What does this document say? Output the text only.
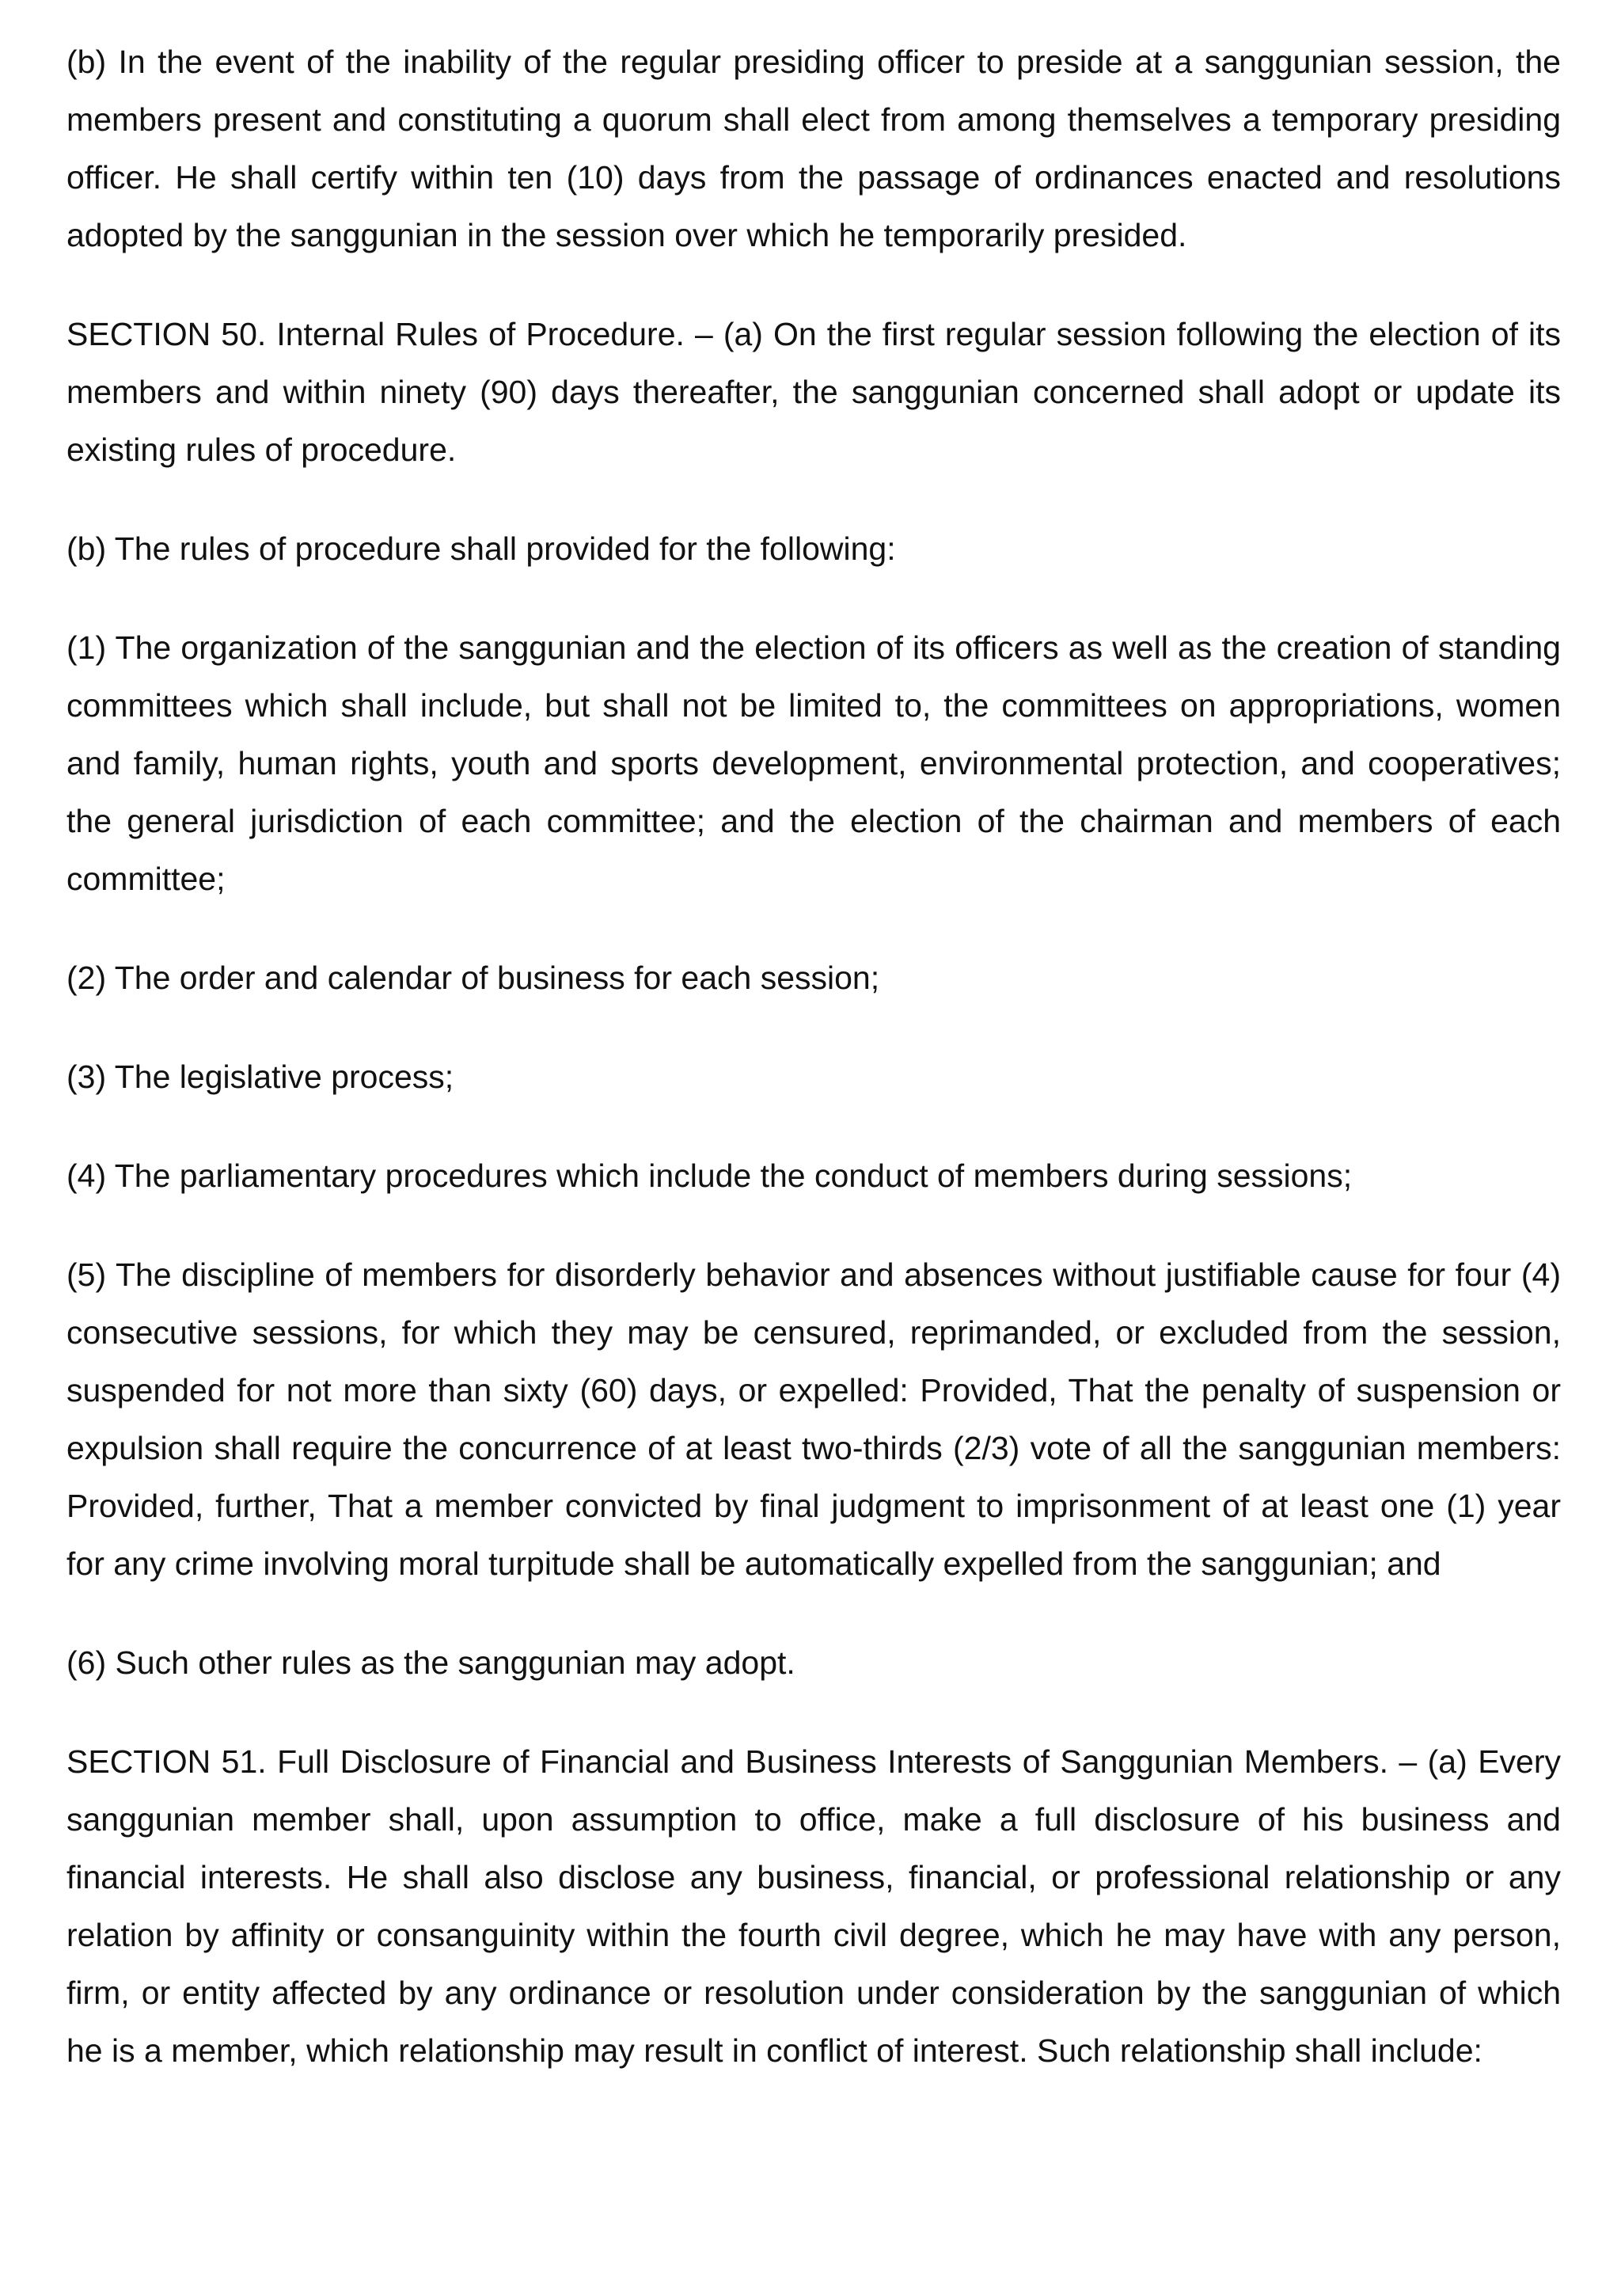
(b) In the event of the inability of the regular presiding officer to preside at a sanggunian session, the members present and constituting a quorum shall elect from among themselves a temporary presiding officer. He shall certify within ten (10) days from the passage of ordinances enacted and resolutions adopted by the sanggunian in the session over which he temporarily presided.

SECTION 50. Internal Rules of Procedure. – (a) On the first regular session following the election of its members and within ninety (90) days thereafter, the sanggunian concerned shall adopt or update its existing rules of procedure.

(b) The rules of procedure shall provided for the following:

(1) The organization of the sanggunian and the election of its officers as well as the creation of standing committees which shall include, but shall not be limited to, the committees on appropriations, women and family, human rights, youth and sports development, environmental protection, and cooperatives; the general jurisdiction of each committee; and the election of the chairman and members of each committee;

(2) The order and calendar of business for each session;

(3) The legislative process;

(4) The parliamentary procedures which include the conduct of members during sessions;

(5) The discipline of members for disorderly behavior and absences without justifiable cause for four (4) consecutive sessions, for which they may be censured, reprimanded, or excluded from the session, suspended for not more than sixty (60) days, or expelled: Provided, That the penalty of suspension or expulsion shall require the concurrence of at least two-thirds (2/3) vote of all the sanggunian members: Provided, further, That a member convicted by final judgment to imprisonment of at least one (1) year for any crime involving moral turpitude shall be automatically expelled from the sanggunian; and

(6) Such other rules as the sanggunian may adopt.

SECTION 51. Full Disclosure of Financial and Business Interests of Sanggunian Members. – (a) Every sanggunian member shall, upon assumption to office, make a full disclosure of his business and financial interests. He shall also disclose any business, financial, or professional relationship or any relation by affinity or consanguinity within the fourth civil degree, which he may have with any person, firm, or entity affected by any ordinance or resolution under consideration by the sanggunian of which he is a member, which relationship may result in conflict of interest. Such relationship shall include:
